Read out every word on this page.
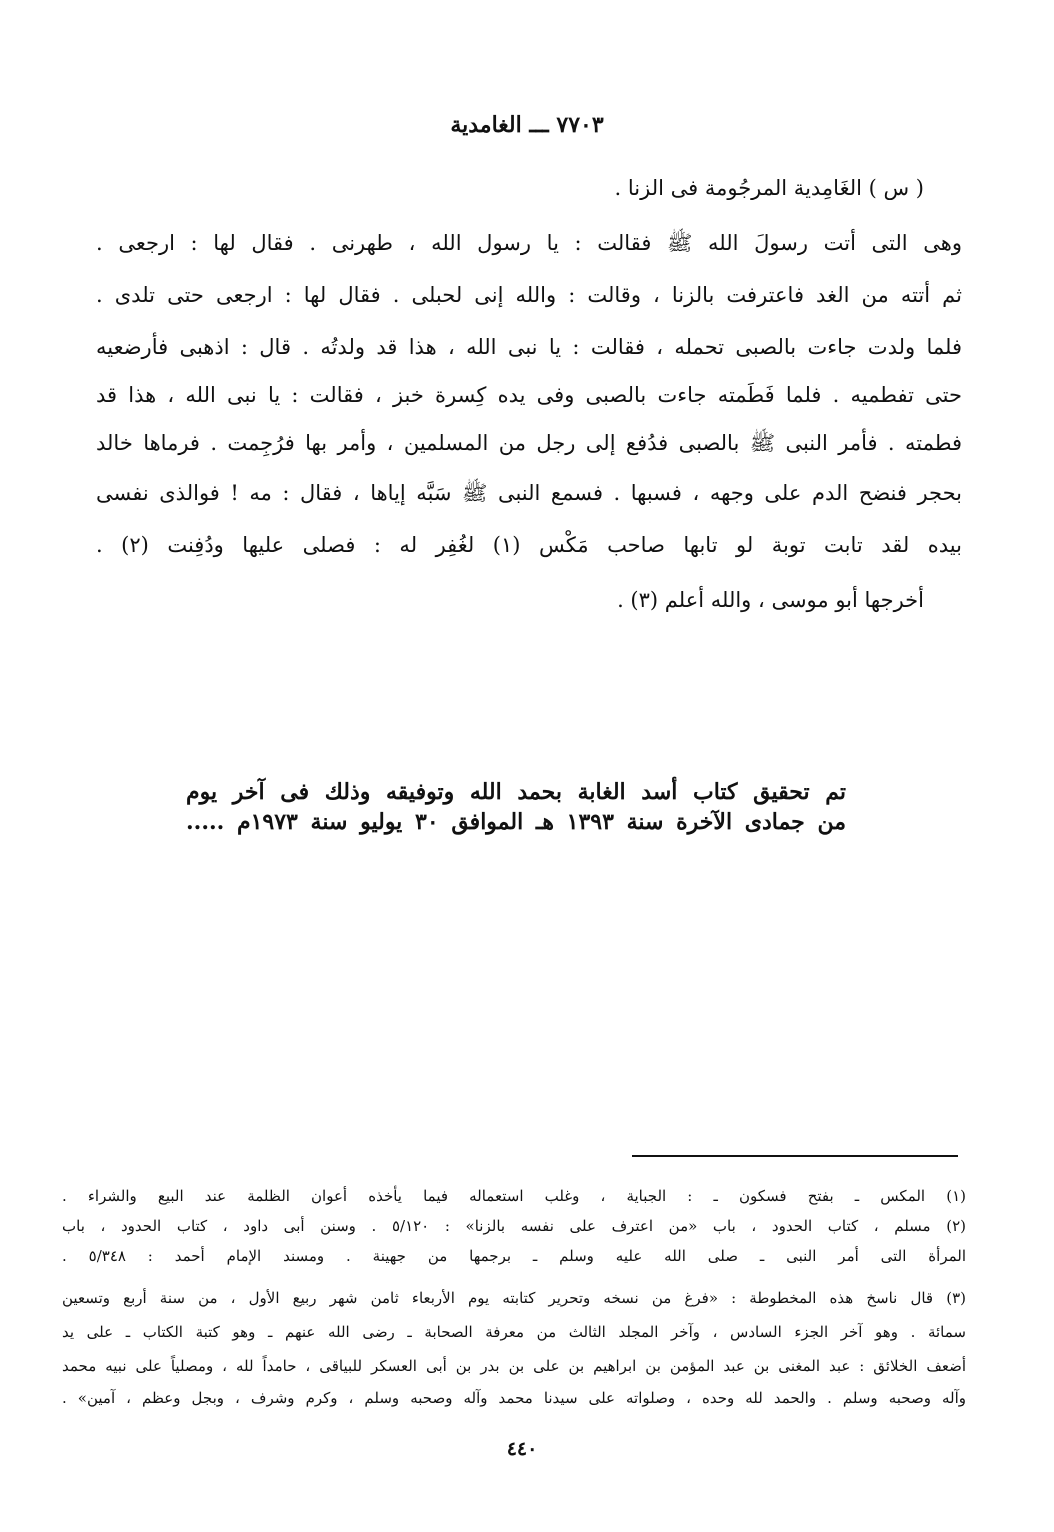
٧٧٠٣ ـــ الغامدية
( س ) الغَامِدية المرجُومة فى الزنا .
وهى التى أتت رسولَ الله ﷺ فقالت : يا رسول الله ، طهرنى . فقال لها : ارجعى .
ثم أتته من الغد فاعترفت بالزنا ، وقالت : والله إنى لحبلى . فقال لها : ارجعى حتى تلدى .
فلما ولدت جاءت بالصبى تحمله ، فقالت : يا نبى الله ، هذا قد ولدتُه . قال : اذهبى فأرضعيه
حتى تفطميه . فلما فَطَمته جاءت بالصبى وفى يده كِسرة خبز ، فقالت : يا نبى الله ، هذا قد
فطمته . فأمر النبى ﷺ بالصبى فدُفع إلى رجل من المسلمين ، وأمر بها فرُجِمت . فرماها خالد
بحجر فنضح الدم على وجهه ، فسبها . فسمع النبى ﷺ سَبَّه إياها ، فقال : مه ! فوالذى نفسى
بيده لقد تابت توبة لو تابها صاحب مَكْس (١) لغُفِر له : فصلى عليها ودُفِنت (٢) .
أخرجها أبو موسى ، والله أعلم (٣) .
تم تحقيق كتاب أسد الغابة بحمد الله وتوفيقه وذلك فى آخر يوم
من جمادى الآخرة سنة ١٣٩٣ هـ الموافق ٣٠ يوليو سنة ١٩٧٣م .....
(١) المكس ـ بفتح فسكون ـ : الجباية ، وغلب استعماله فيما يأخذه أعوان الظلمة عند البيع والشراء .
(٢) مسلم ، كتاب الحدود ، باب «من اعترف على نفسه بالزنا» : ٥/١٢٠ . وسنن أبى داود ، كتاب الحدود ، باب
المرأة التى أمر النبى ـ صلى الله عليه وسلم ـ برجمها من جهينة . ومسند الإمام أحمد : ٥/٣٤٨ .
(٣) قال ناسخ هذه المخطوطة : «فرغ من نسخه وتحرير كتابته يوم الأربعاء ثامن شهر ربيع الأول ، من سنة أربع وتسعين
سمائة . وهو آخر الجزء السادس ، وآخر المجلد الثالث من معرفة الصحابة ـ رضى الله عنهم ـ وهو كتبة الكتاب ـ على يد
أضعف الخلائق : عبد المغنى بن عبد المؤمن بن ابراهيم بن على بن بدر بن أبى العسكر للبياقى ، حامداً لله ، ومصلياً على نبيه محمد
وآله وصحبه وسلم . والحمد لله وحده ، وصلواته على سيدنا محمد وآله وصحبه وسلم ، وكرم وشرف ، وبجل وعظم ، آمين» .
٤٤٠
